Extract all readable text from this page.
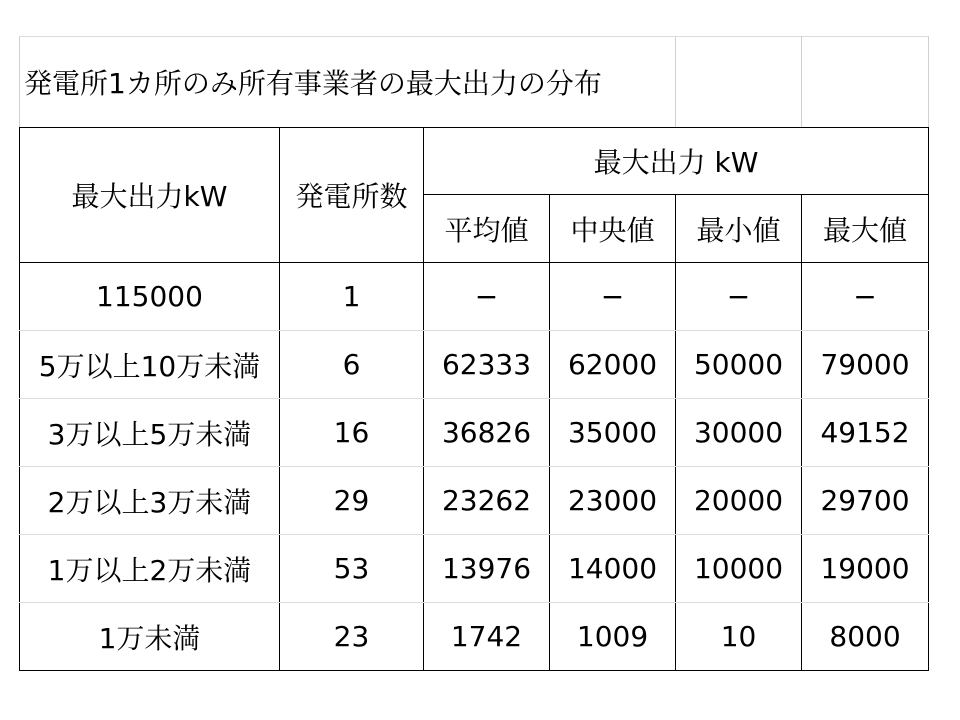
発電所1カ所のみ所有事業者の最大出力の分布					
最大出力kW	発電所数	最大出力 kW			
		平均値	中央値	最小値	最大値
115000	1	−	−	−	−
5万以上10万未満	6	62333	62000	50000	79000
3万以上5万未満	16	36826	35000	30000	49152
2万以上3万未満	29	23262	23000	20000	29700
1万以上2万未満	53	13976	14000	10000	19000
1万未満	23	1742	1009	10	8000
